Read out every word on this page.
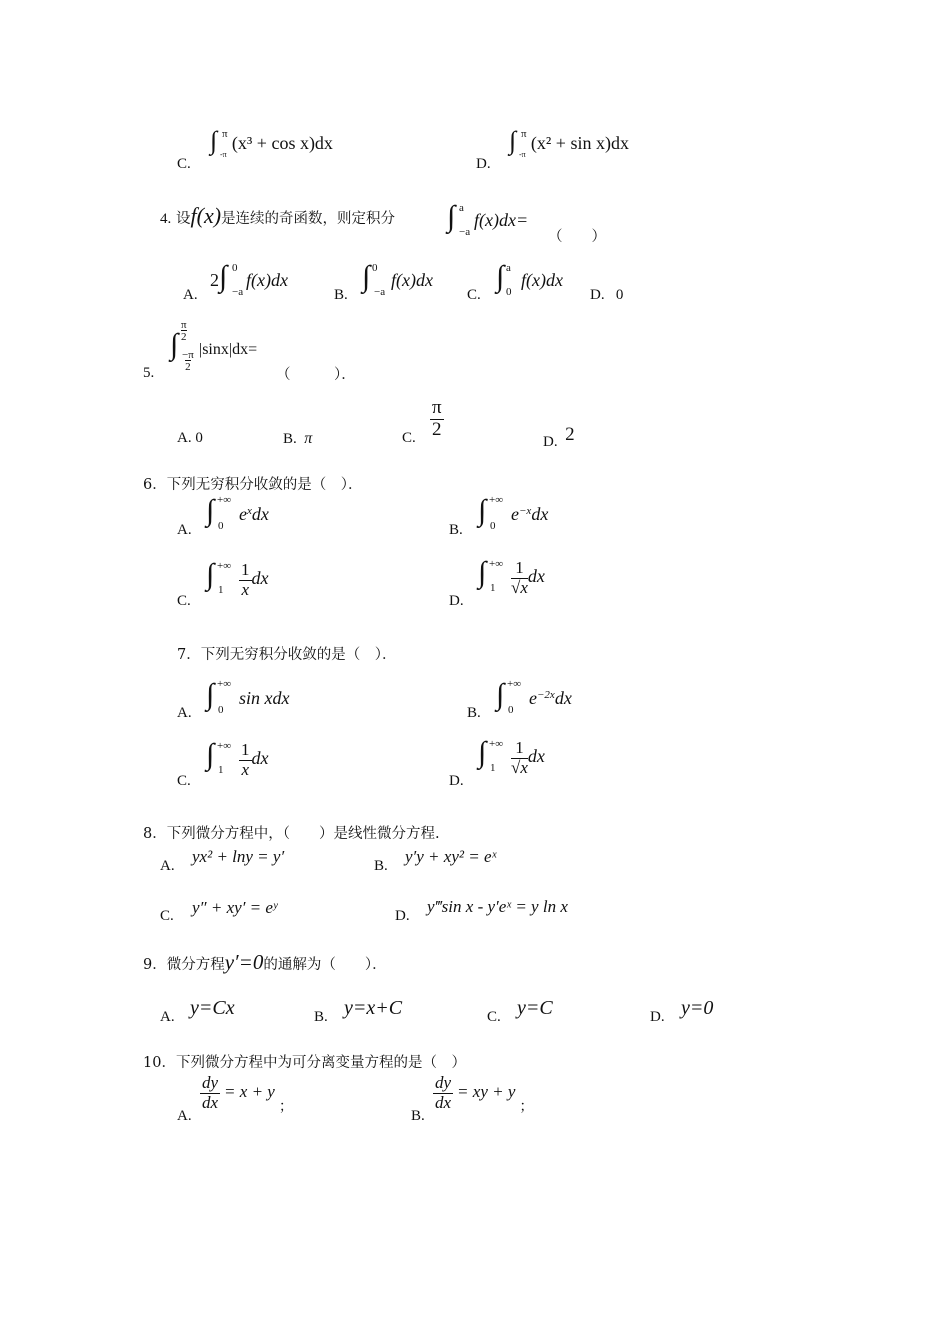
C.
∫ π
-π
(x³ + cos x)dx
D.
∫ π
-π
(x² + sin x)dx
4. 设f(x)是连续的奇函数，则定积分 ∫ a
−a
f(x)dx=
（　　）
A.
2∫ 0
−a
f(x)dx
B.
∫ 0
−a
f(x)dx
C.
∫ a
0
f(x)dx
D. 0
5.
∫
π
2
−π
2
|sinx|dx=
（　　　）．
A. 0	B. π	C. $\frac{\pi}{2}$
D. 2
6．下列无穷积分收敛的是（　）．
A.
∫ +∞
0
$e^xdx$
B.
∫ +∞
0
$e^{-x}dx$
C.
∫ +∞
$1 \frac{1}{x}$ dx
D.
∫ +∞
$1 \frac{1}{√x}$ dx
7．下列无穷积分收敛的是（　）．
A.
∫ +∞
0
sin xdx
B.
∫ +∞
0
$e^{-2x}dx$
C.
∫ +∞
$1 \frac{1}{x}$ dx
D.
∫ +∞
$1 \frac{1}{√x}$ dx
8．下列微分方程中，（　　）是线性微分方程.
A. yx² + lny = y′	B. y′y + xy² = eˣ
C. y″ + xy′ = eʸ	D. y‴sin x - y′eˣ = y ln x
9．微分方程y′=0的通解为（　　）．
A. y=Cx	B. y=x+C	C. y=C	D. y=0
10．下列微分方程中为可分离变量方程的是（　）
A.
$\frac{dy}{dx} = x + y$；
B.
$\frac{dy}{dx}$ = xy + y；
